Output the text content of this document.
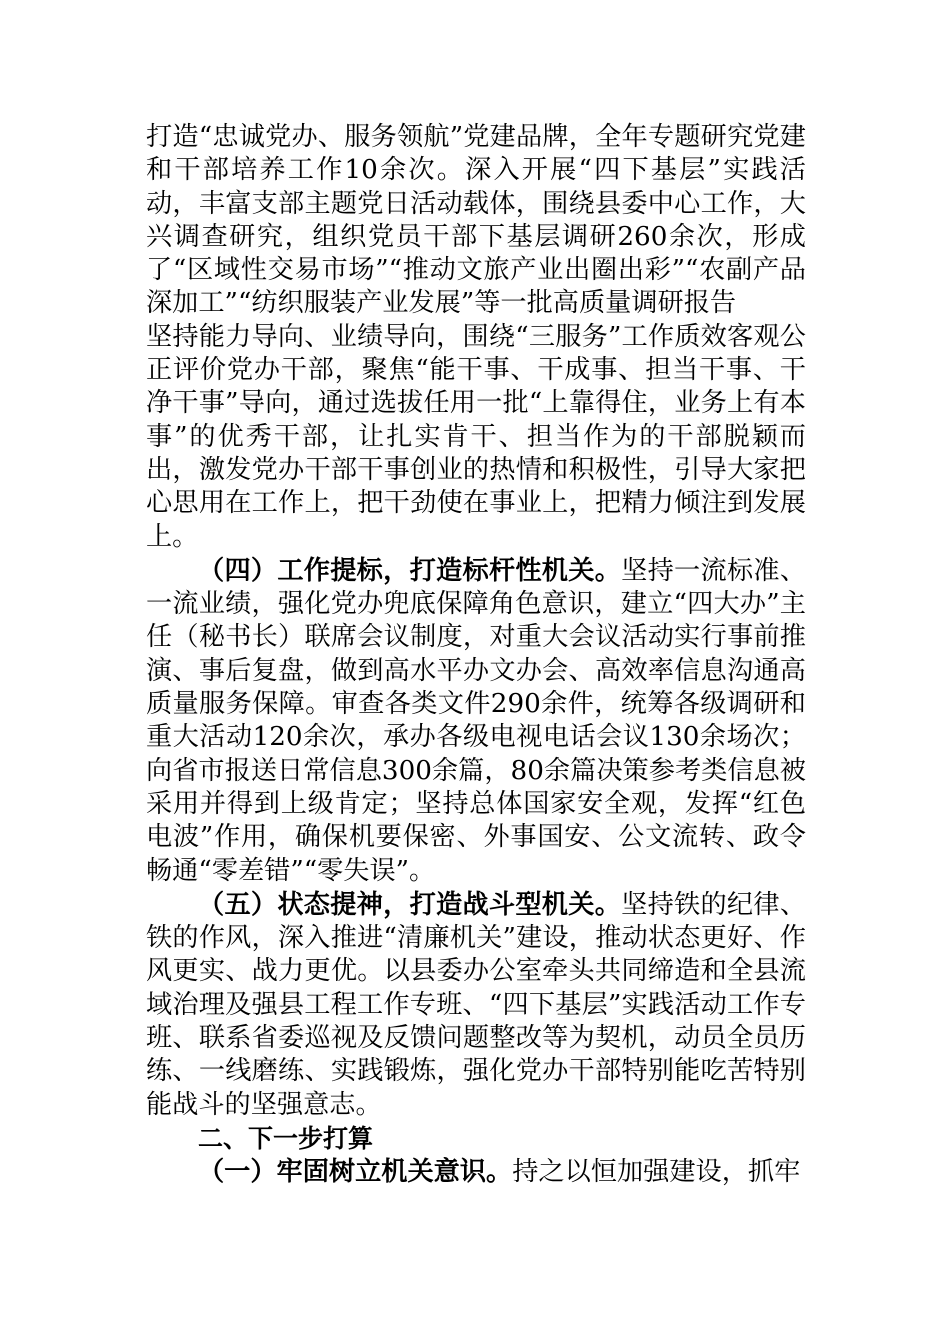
打造“忠诚党办、服务领航”党建品牌，全年专题研究党建和干部培养工作10余次。深入开展“四下基层”实践活动，丰富支部主题党日活动载体，围绕县委中心工作，大兴调查研究，组织党员干部下基层调研260余次，形成了“区域性交易市场”“推动文旅产业出圈出彩”“农副产品深加工”“纺织服装产业发展”等一批高质量调研报告

坚持能力导向、业绩导向，围绕“三服务”工作质效客观公正评价党办干部，聚焦“能干事、干成事、担当干事、干净干事”导向，通过选拔任用一批“上靠得住，业务上有本事”的优秀干部，让扎实肯干、担当作为的干部脱颖而出，激发党办干部干事创业的热情和积极性，引导大家把心思用在工作上，把干劲使在事业上，把精力倾注到发展上。

（四）工作提标，打造标杆性机关。坚持一流标准、一流业绩，强化党办兜底保障角色意识，建立“四大办”主任（秘书长）联席会议制度，对重大会议活动实行事前推演、事后复盘，做到高水平办文办会、高效率信息沟通高质量服务保障。审查各类文件290余件，统筹各级调研和重大活动120余次，承办各级电视电话会议130余场次；向省市报送日常信息300余篇，80余篇决策参考类信息被采用并得到上级肯定；坚持总体国家安全观，发挥“红色电波”作用，确保机要保密、外事国安、公文流转、政令畅通“零差错”“零失误”。

（五）状态提神，打造战斗型机关。坚持铁的纪律、铁的作风，深入推进“清廉机关”建设，推动状态更好、作风更实、战力更优。以县委办公室牵头共同缔造和全县流域治理及强县工程工作专班、“四下基层”实践活动工作专班、联系省委巡视及反馈问题整改等为契机，动员全员历练、一线磨练、实践锻炼，强化党办干部特别能吃苦特别能战斗的坚强意志。

二、下一步打算

（一）牢固树立机关意识。持之以恒加强建设，抓牢
